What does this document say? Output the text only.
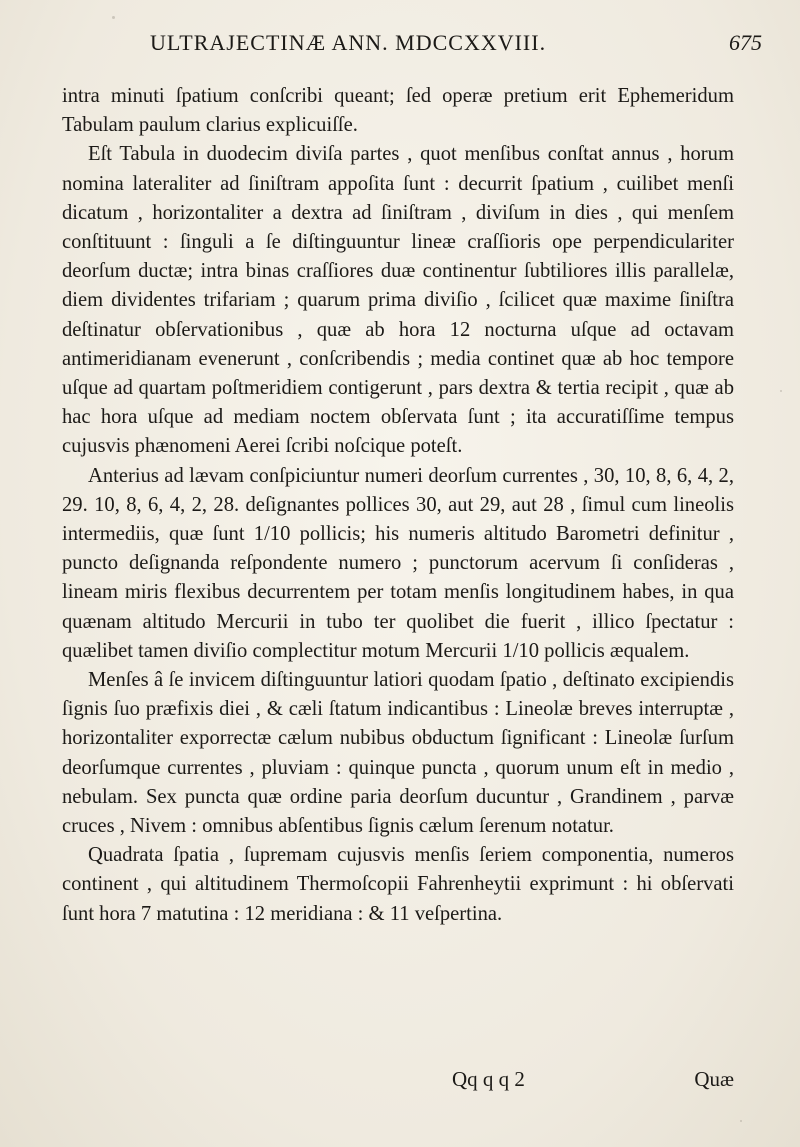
ULTRAJECTINÆ ANN. MDCCXXVIII.	675

intra minuti ſpatium conſcribi queant; ſed operæ pretium erit Ephemeridum Tabulam paulum clarius explicuiſſe.

Eſt Tabula in duodecim diviſa partes , quot menſibus conſtat annus , horum nomina lateraliter ad ſiniſtram appoſita ſunt : decurrit ſpatium , cuilibet menſi dicatum , horizontaliter a dextra ad ſiniſtram , diviſum in dies , qui menſem conſtituunt : ſinguli a ſe diſtinguuntur lineæ craſſioris ope perpendiculariter deorſum ductæ; intra binas craſſiores duæ continentur ſubtiliores illis parallelæ, diem dividentes trifariam ; quarum prima diviſio , ſcilicet quæ maxime ſiniſtra deſtinatur obſervationibus , quæ ab hora 12 nocturna uſque ad octavam antimeridianam evenerunt , conſcribendis ; media continet quæ ab hoc tempore uſque ad quartam poſtmeridiem contigerunt , pars dextra & tertia recipit , quæ ab hac hora uſque ad mediam noctem obſervata ſunt ; ita accuratiſſime tempus cujusvis phænomeni Aerei ſcribi noſcique poteſt.

Anterius ad lævam conſpiciuntur numeri deorſum currentes , 30, 10, 8, 6, 4, 2, 29. 10, 8, 6, 4, 2, 28. deſignantes pollices 30, aut 29, aut 28 , ſimul cum lineolis intermediis, quæ ſunt 1/10 pollicis; his numeris altitudo Barometri definitur , puncto deſignanda reſpondente numero ; punctorum acervum ſi conſideras , lineam miris flexibus decurrentem per totam menſis longitudinem habes, in qua quænam altitudo Mercurii in tubo ter quolibet die fuerit , illico ſpectatur : quælibet tamen diviſio complectitur motum Mercurii 1/10 pollicis æqualem.

Menſes â ſe invicem diſtinguuntur latiori quodam ſpatio , deſtinato excipiendis ſignis ſuo præfixis diei , & cæli ſtatum indicantibus : Lineolæ breves interruptæ , horizontaliter exporrectæ cælum nubibus obductum ſignificant : Lineolæ ſurſum deorſumque currentes , pluviam : quinque puncta , quorum unum eſt in medio , nebulam. Sex puncta quæ ordine paria deorſum ducuntur , Grandinem , parvæ cruces , Nivem : omnibus abſentibus ſignis cælum ſerenum notatur.

Quadrata ſpatia , ſupremam cujusvis menſis ſeriem componentia, numeros continent , qui altitudinem Thermoſcopii Fahrenheytii exprimunt : hi obſervati ſunt hora 7 matutina : 12 meridiana : & 11 veſpertina.

Qq q q 2	Quæ
